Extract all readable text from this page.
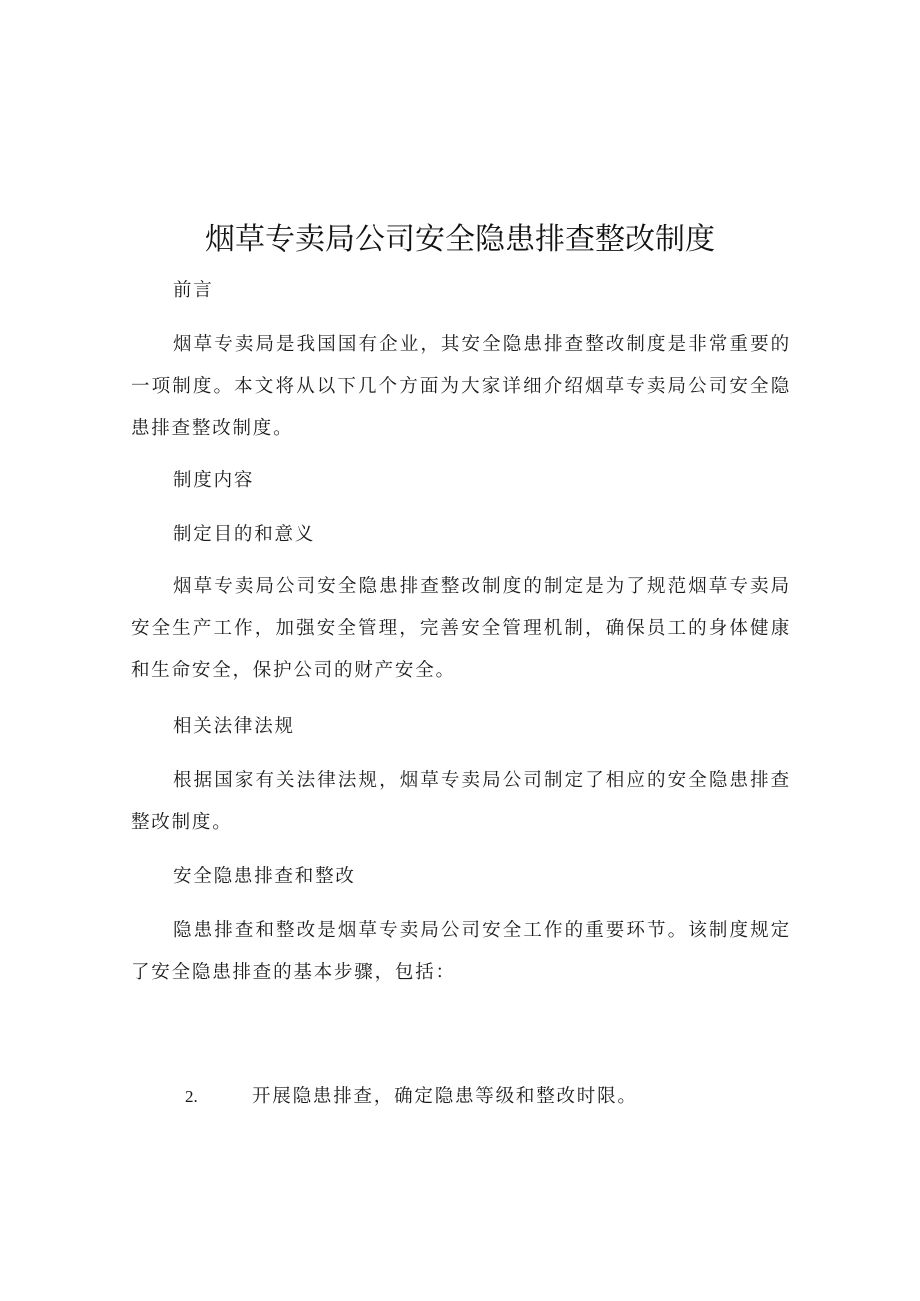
烟草专卖局公司安全隐患排查整改制度

前言

烟草专卖局是我国国有企业，其安全隐患排查整改制度是非常重要的一项制度。本文将从以下几个方面为大家详细介绍烟草专卖局公司安全隐患排查整改制度。

制度内容

制定目的和意义

烟草专卖局公司安全隐患排查整改制度的制定是为了规范烟草专卖局安全生产工作，加强安全管理，完善安全管理机制，确保员工的身体健康和生命安全，保护公司的财产安全。

相关法律法规

根据国家有关法律法规，烟草专卖局公司制定了相应的安全隐患排查整改制度。

安全隐患排查和整改

隐患排查和整改是烟草专卖局公司安全工作的重要环节。该制度规定了安全隐患排查的基本步骤，包括：

2.	开展隐患排查，确定隐患等级和整改时限。
